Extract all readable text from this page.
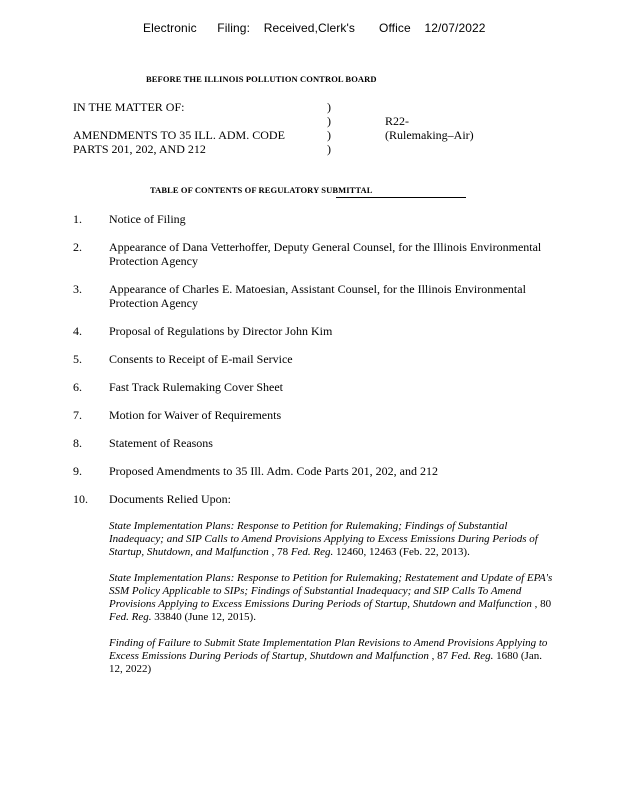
Electronic      Filing:    Received,Clerk's       Office    12/07/2022
BEFORE THE ILLINOIS POLLUTION CONTROL BOARD
IN THE MATTER OF:
AMENDMENTS TO 35 ILL. ADM. CODE
PARTS 201, 202, AND 212
)
)
)
)
R22-
(Rulemaking–Air)
TABLE OF CONTENTS OF REGULATORY SUBMITTAL
1.	Notice of Filing
2.	Appearance of Dana Vetterhoffer, Deputy General Counsel, for the Illinois Environmental Protection Agency
3.	Appearance of Charles E. Matoesian, Assistant Counsel, for the Illinois Environmental Protection Agency
4.	Proposal of Regulations by Director John Kim
5.	Consents to Receipt of E-mail Service
6.	Fast Track Rulemaking Cover Sheet
7.	Motion for Waiver of Requirements
8.	Statement of Reasons
9.	Proposed Amendments to 35 Ill. Adm. Code Parts 201, 202, and 212
10.	Documents Relied Upon:
State Implementation Plans: Response to Petition for Rulemaking; Findings of Substantial Inadequacy; and SIP Calls to Amend Provisions Applying to Excess Emissions During Periods of Startup, Shutdown, and Malfunction , 78 Fed. Reg. 12460, 12463 (Feb. 22, 2013).
State Implementation Plans: Response to Petition for Rulemaking; Restatement and Update of EPA's SSM Policy Applicable to SIPs; Findings of Substantial Inadequacy; and SIP Calls To Amend Provisions Applying to Excess Emissions During Periods of Startup, Shutdown and Malfunction , 80 Fed. Reg. 33840 (June 12, 2015).
Finding of Failure to Submit State Implementation Plan Revisions to Amend Provisions Applying to Excess Emissions During Periods of Startup, Shutdown and Malfunction , 87 Fed. Reg. 1680 (Jan. 12, 2022)
